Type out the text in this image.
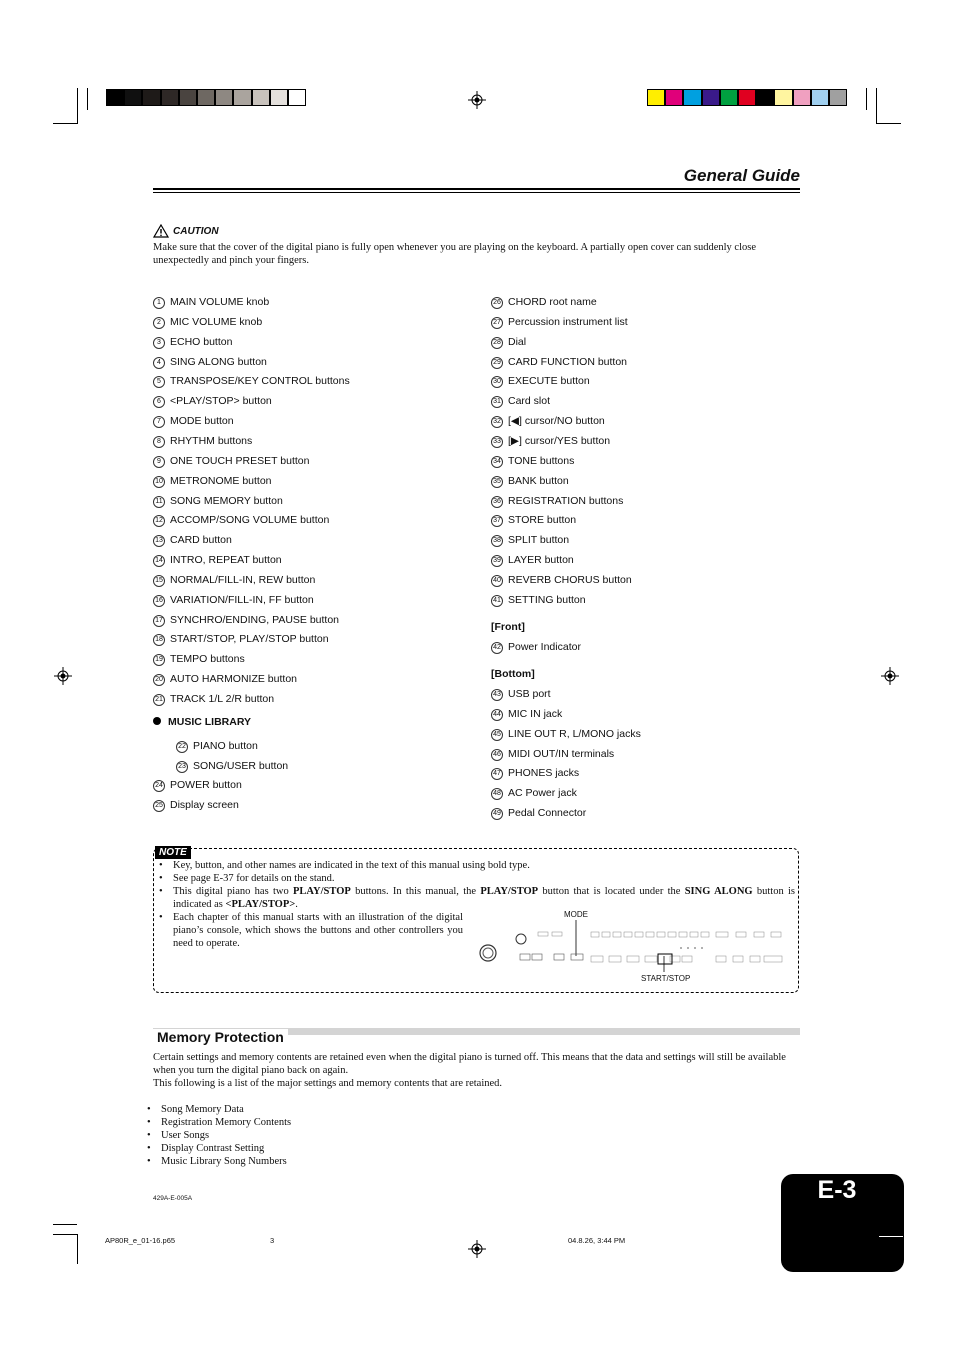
General Guide
CAUTION
Make sure that the cover of the digital piano is fully open whenever you are playing on the keyboard. A partially open cover can suddenly close unexpectedly and pinch your fingers.
1 MAIN VOLUME knob
2 MIC VOLUME knob
3 ECHO button
4 SING ALONG button
5 TRANSPOSE/KEY CONTROL buttons
6 <PLAY/STOP> button
7 MODE button
8 RHYTHM buttons
9 ONE TOUCH PRESET button
10 METRONOME button
11 SONG MEMORY button
12 ACCOMP/SONG VOLUME button
13 CARD button
14 INTRO, REPEAT button
15 NORMAL/FILL-IN, REW button
16 VARIATION/FILL-IN, FF button
17 SYNCHRO/ENDING, PAUSE button
18 START/STOP, PLAY/STOP button
19 TEMPO buttons
20 AUTO HARMONIZE button
21 TRACK 1/L 2/R button
MUSIC LIBRARY
22 PIANO button
23 SONG/USER button
24 POWER button
25 Display screen
26 CHORD root name
27 Percussion instrument list
28 Dial
29 CARD FUNCTION button
30 EXECUTE button
31 Card slot
32 [◀] cursor/NO button
33 [▶] cursor/YES button
34 TONE buttons
35 BANK button
36 REGISTRATION buttons
37 STORE button
38 SPLIT button
39 LAYER button
40 REVERB CHORUS button
41 SETTING button
[Front]
42 Power Indicator
[Bottom]
43 USB port
44 MIC IN jack
45 LINE OUT R, L/MONO jacks
46 MIDI OUT/IN terminals
47 PHONES jacks
48 AC Power jack
49 Pedal Connector
NOTE
• Key, button, and other names are indicated in the text of this manual using bold type.
• See page E-37 for details on the stand.
• This digital piano has two PLAY/STOP buttons. In this manual, the PLAY/STOP button that is located under the SING ALONG button is indicated as <PLAY/STOP>.
• Each chapter of this manual starts with an illustration of the digital piano’s console, which shows the buttons and other controllers you need to operate.
MODE
START/STOP
Memory Protection
Certain settings and memory contents are retained even when the digital piano is turned off. This means that the data and settings will still be available when you turn the digital piano back on again.
This following is a list of the major settings and memory contents that are retained.
• Song Memory Data
• Registration Memory Contents
• User Songs
• Display Contrast Setting
• Music Library Song Numbers
429A-E-005A
AP80R_e_01-16.p65	3	04.8.26, 3:44 PM
E-3
